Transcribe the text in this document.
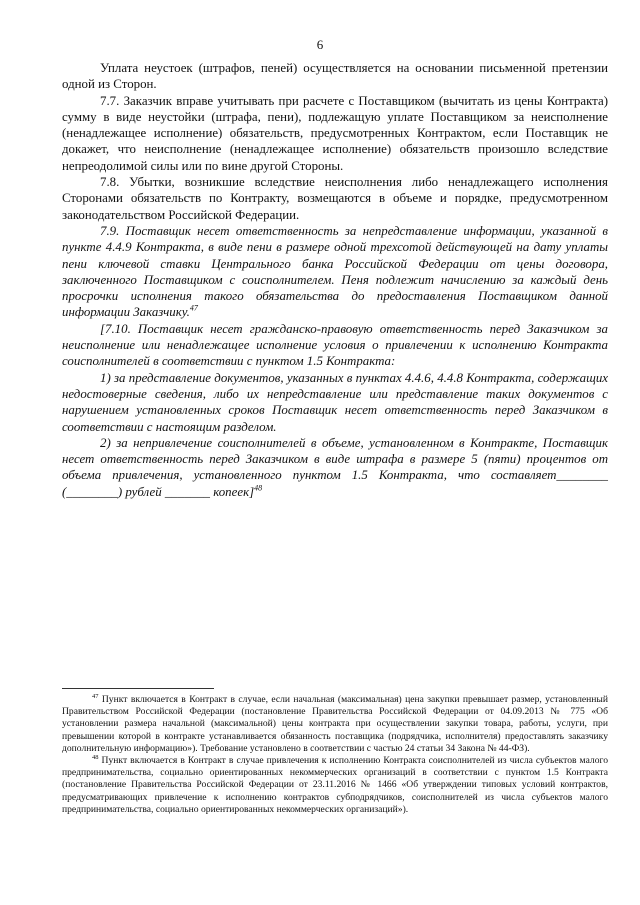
6

Уплата неустоек (штрафов, пеней) осуществляется на основании письменной претензии одной из Сторон.

7.7. Заказчик вправе учитывать при расчете с Поставщиком (вычитать из цены Контракта) сумму в виде неустойки (штрафа, пени), подлежащую уплате Поставщиком за неисполнение (ненадлежащее исполнение) обязательств, предусмотренных Контрактом, если Поставщик не докажет, что неисполнение (ненадлежащее исполнение) обязательств произошло вследствие непреодолимой силы или по вине другой Стороны.

7.8. Убытки, возникшие вследствие неисполнения либо ненадлежащего исполнения Сторонами обязательств по Контракту, возмещаются в объеме и порядке, предусмотренном законодательством Российской Федерации.

7.9. Поставщик несет ответственность за непредставление информации, указанной в пункте 4.4.9 Контракта, в виде пени в размере одной трехсотой действующей на дату уплаты пени ключевой ставки Центрального банка Российской Федерации от цены договора, заключенного Поставщиком с соисполнителем. Пеня подлежит начислению за каждый день просрочки исполнения такого обязательства до предоставления Поставщиком данной информации Заказчику.$^{47}$

[7.10. Поставщик несет гражданско-правовую ответственность перед Заказчиком за неисполнение или ненадлежащее исполнение условия о привлечении к исполнению Контракта соисполнителей в соответствии с пунктом 1.5 Контракта:

1) за представление документов, указанных в пунктах 4.4.6, 4.4.8 Контракта, содержащих недостоверные сведения, либо их непредставление или представление таких документов с нарушением установленных сроков Поставщик несет ответственность перед Заказчиком в соответствии с настоящим разделом.

2) за непривлечение соисполнителей в объеме, установленном в Контракте, Поставщик несет ответственность перед Заказчиком в виде штрафа в размере 5 (пяти) процентов от объема привлечения, установленного пунктом 1.5 Контракта, что составляет________ (________) рублей _______ копеек]$^{48}$

$^{47}$ Пункт включается в Контракт в случае, если начальная (максимальная) цена закупки превышает размер, установленный Правительством Российской Федерации (постановление Правительства Российской Федерации от 04.09.2013 № 775 «Об установлении размера начальной (максимальной) цены контракта при осуществлении закупки товара, работы, услуги, при превышении которой в контракте устанавливается обязанность поставщика (подрядчика, исполнителя) предоставлять заказчику дополнительную информацию»). Требование установлено в соответствии с частью 24 статьи 34 Закона № 44-ФЗ).

$^{48}$ Пункт включается в Контракт в случае привлечения к исполнению Контракта соисполнителей из числа субъектов малого предпринимательства, социально ориентированных некоммерческих организаций в соответствии с пунктом 1.5 Контракта (постановление Правительства Российской Федерации от 23.11.2016 № 1466 «Об утверждении типовых условий контрактов, предусматривающих привлечение к исполнению контрактов субподрядчиков, соисполнителей из числа субъектов малого предпринимательства, социально ориентированных некоммерческих организаций»).
